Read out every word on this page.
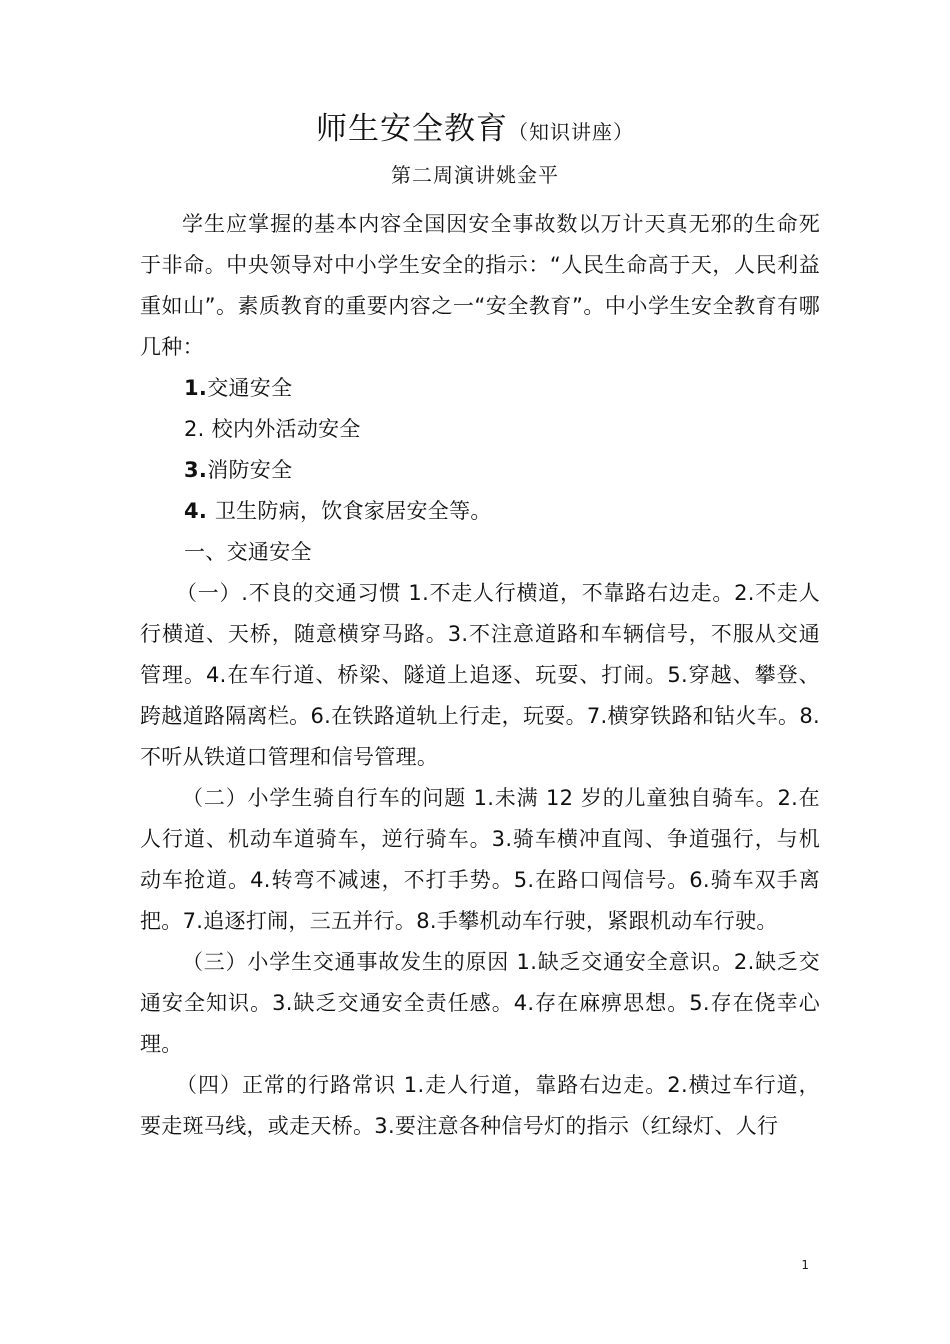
师生安全教育（知识讲座）
第二周演讲姚金平

学生应掌握的基本内容全国因安全事故数以万计天真无邪的生命死于非命。中央领导对中小学生安全的指示：“人民生命高于天，人民利益重如山”。素质教育的重要内容之一“安全教育”。中小学生安全教育有哪几种：

1.交通安全

2. 校内外活动安全

3.消防安全

4. 卫生防病，饮食家居安全等。

一、交通安全

（一）.不良的交通习惯 1.不走人行横道，不靠路右边走。2.不走人行横道、天桥，随意横穿马路。3.不注意道路和车辆信号，不服从交通管理。4.在车行道、桥梁、隧道上追逐、玩耍、打闹。5.穿越、攀登、跨越道路隔离栏。6.在铁路道轨上行走，玩耍。7.横穿铁路和钻火车。8.不听从铁道口管理和信号管理。

（二）小学生骑自行车的问题 1.未满 12 岁的儿童独自骑车。2.在人行道、机动车道骑车，逆行骑车。3.骑车横冲直闯、争道强行，与机动车抢道。4.转弯不减速，不打手势。5.在路口闯信号。6.骑车双手离把。7.追逐打闹，三五并行。8.手攀机动车行驶，紧跟机动车行驶。

（三）小学生交通事故发生的原因 1.缺乏交通安全意识。2.缺乏交通安全知识。3.缺乏交通安全责任感。4.存在麻痹思想。5.存在侥幸心理。

（四）正常的行路常识 1.走人行道，靠路右边走。2.横过车行道，要走斑马线，或走天桥。3.要注意各种信号灯的指示（红绿灯、人行

1
